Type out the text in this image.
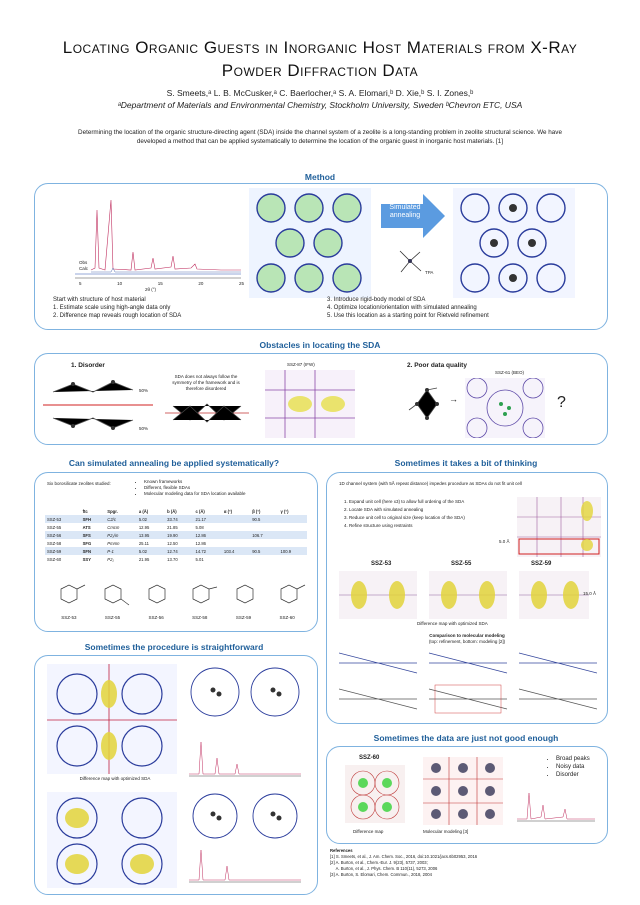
Locating Organic Guests in Inorganic Host Materials from X-Ray
Powder Diffraction Data
S. Smeets,ᵃ L. B. McCusker,ᵃ C. Baerlocher,ᵃ S. A. Elomari,ᵇ D. Xie,ᵇ S. I. Zones,ᵇ
ᵃDepartment of Materials and Environmental Chemistry, Stockholm University, Sweden ᵇChevron ETC, USA
Determining the location of the organic structure-directing agent (SDA) inside the channel system of a zeolite is a long-standing problem in zeolite structural science. We have developed a method that can be applied systematically to determine the location of the organic guest in inorganic host materials. [1]
Method
Obs
Calc
5	10	15	20	25
2θ (°)
Simulated annealing
TPA
Start with structure of host material
1. Estimate scale using high-angle data only
2. Difference map reveals rough location of SDA
3. Introduce rigid-body model of SDA
4. Optimize location/orientation with simulated annealing
5. Use this location as a starting point for Rietveld refinement
Obstacles in locating the SDA
1. Disorder
50%
50%
SDA does not always follow the symmetry of the framework and is therefore disordered
SSZ-87 (IFW)	2. Poor data quality
→
SSZ-61 (BEO)
?
Can simulated annealing be applied systematically?
Six borosilicate zeolites studied:	• Known frameworks
• Different, flexible SDAs
• Molecular modeling data for SDA location available
	ftc	Spgr.	a (Å)	b (Å)	c (Å)	α (°)	β (°)	γ (°)
SSZ-53	SFH	C2/c	5.02	33.74	21.17		90.5	
SSZ-55	ATS	Cmcm	12.95	21.85	5.08			
SSZ-56	SFS	P2₁/m	13.95	19.90	12.86		106.7	
SSZ-58	SFG	Pmmn	25.11	12.50	12.86			
SSZ-59	SFN	P-1	5.02	12.74	14.72	103.4	90.5	100.9
SSZ-60	SSY	P2₁	21.95	13.70	5.01			
SSZ-53	SSZ-55	SSZ-56	SSZ-58	SSZ-59	SSZ-60
Sometimes the procedure is straightforward
Difference map with optimized SDA
Sometimes it takes a bit of thinking
1D channel system (with 5Å repeat distance) impedes procedure as SDAs do not fit unit cell
1. Expand unit cell (here x3) to allow full ordering of the SDA
2. Locate SDA with simulated annealing
3. Reduce unit cell to original size (keep location of the SDA)
4. Refine structure using restraints
5.0 Å
SSZ-53	SSZ-55	SSZ-59
15.0 Å
Difference map with optimized SDA
Comparison to molecular modeling
(top: refinement, bottom: modeling [2])
Sometimes the data are just not good enough
SSZ-60	• Broad peaks
• Noisy data
• Disorder
Difference map	Molecular modeling [3]
References
[1] S. Smeets, et al., J. Am. Chem. Soc., 2016, doi:10.1021/jacs.6b02953, 2016
[2] A. Burton, et al., Chem.-Eur. J. 9(23), 5737, 2003;
A. Burton, et al., J. Phys. Chem. B 110(11), 5273, 2006
[3] A. Burton, S. Elomari, Chem. Commun., 2018, 2004
